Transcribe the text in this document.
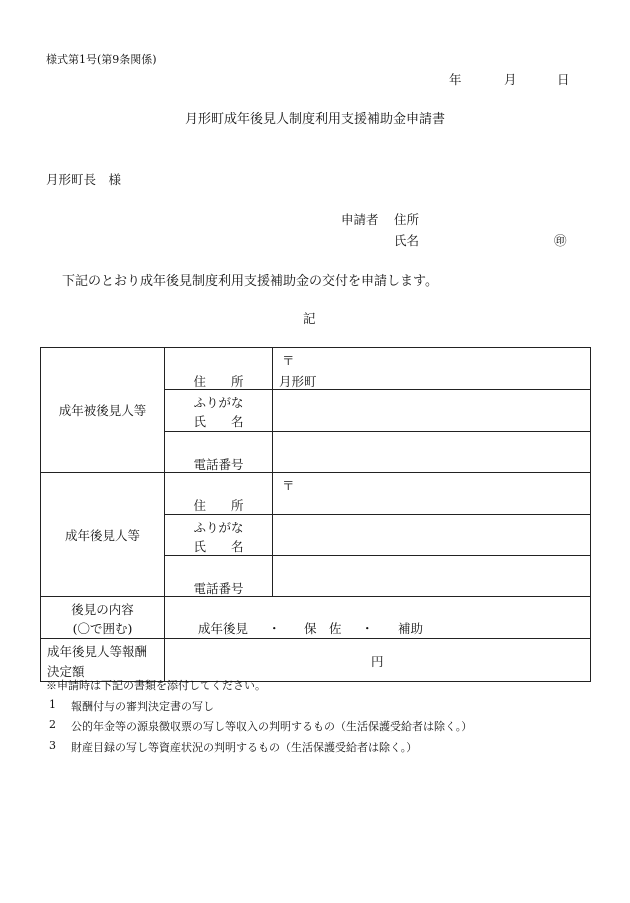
様式第1号(第9条関係)
年	月	日
月形町成年後見人制度利用支援補助金申請書
月形町長　様
申請者 住所
氏名	㊞
下記のとおり成年後見制度利用支援補助金の交付を申請します。
記
成年被後見人等	住　　所	〒
月形町

	ふりがな
氏　　名	

	電話番号	

成年後見人等	住　　所	〒

	ふりがな
氏　　名	

	電話番号	

後見の内容
(〇で囲む)	成年後見 ・ 保　佐 ・ 補助	

成年後見人等報酬
決定額	円	
※申請時は下記の書類を添付してください。
1 報酬付与の審判決定書の写し
2 公的年金等の源泉徴収票の写し等収入の判明するもの（生活保護受給者は除く。）
3 財産目録の写し等資産状況の判明するもの（生活保護受給者は除く。）
